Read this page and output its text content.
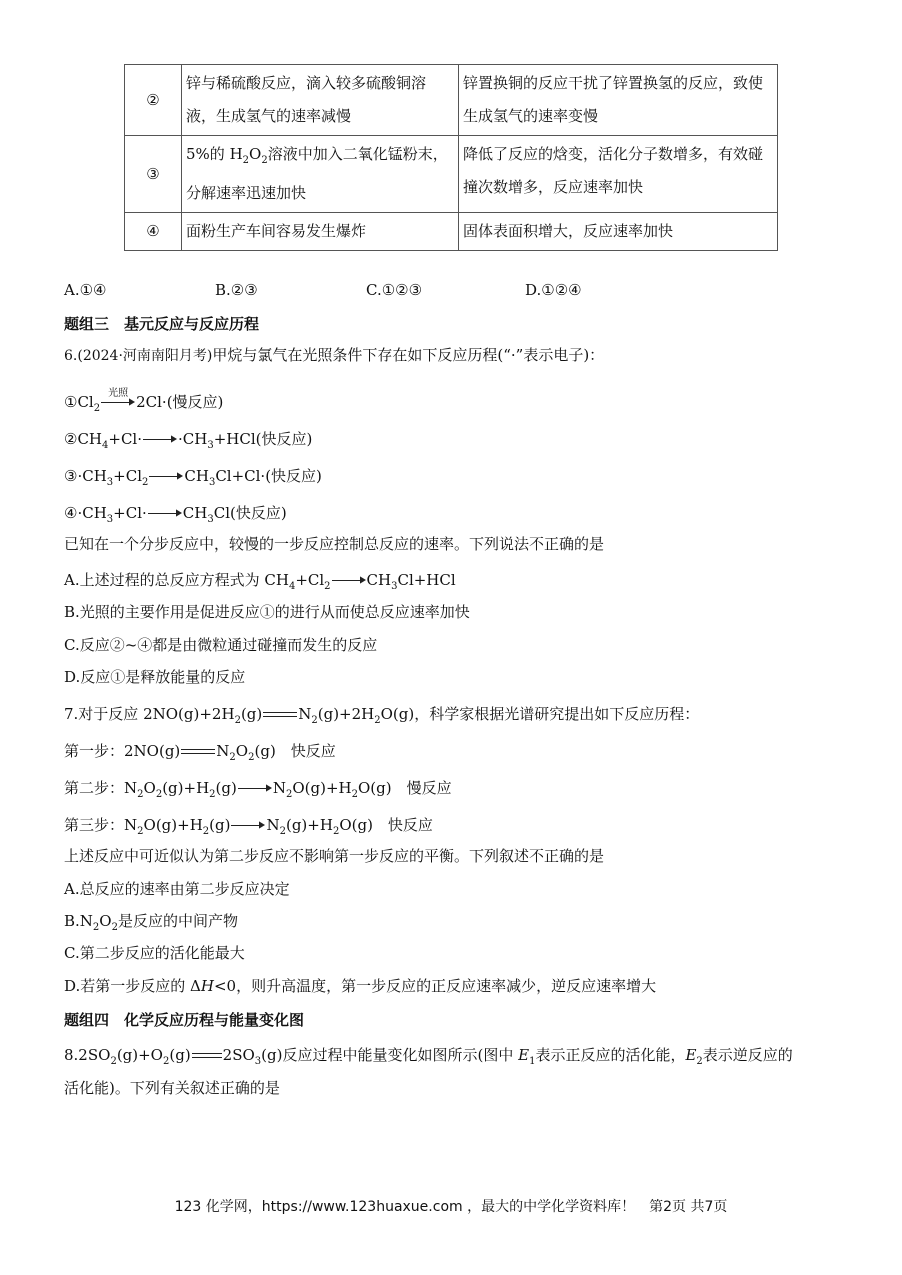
②	锌与稀硫酸反应，滴入较多硫酸铜溶液，生成氢气的速率减慢	锌置换铜的反应干扰了锌置换氢的反应，致使生成氢气的速率变慢
③	5%的 $H_2O_2$溶液中加入二氧化锰粉末，分解速率迅速加快	降低了反应的焓变，活化分子数增多，有效碰撞次数增多，反应速率加快
④	面粉生产车间容易发生爆炸	固体表面积增大，反应速率加快
A.①④	B.②③	C.①②③	D.①②④
题组三　基元反应与反应历程
6.(2024·河南南阳月考)甲烷与氯气在光照条件下存在如下反应历程(“·”表示电子)：
$①Cl_2$
光照 2Cl·(慢反应)
$②CH_4+Cl\cdot \cdot CH_3+HCl$(快反应)
$③\cdot CH_3+Cl_2$ $CH_3Cl+Cl\cdot$(快反应)
$④\cdot CH_3+Cl\cdot CH_3Cl$(快反应)
已知在一个分步反应中，较慢的一步反应控制总反应的速率。下列说法不正确的是
A.上述过程的总反应方程式为 $CH_4+Cl_2$ $CH_3Cl+HCl$
B.光照的主要作用是促进反应①的进行从而使总反应速率加快
C.反应②~④都是由微粒通过碰撞而发生的反应
D.反应①是释放能量的反应
7.对于反应 $2NO(g)+2H_2(g)$ $N_2(g)+2H_2O(g)$，科学家根据光谱研究提出如下反应历程：
第一步：2NO(g) $N_2O_2(g)$　快反应
第二步：$N_2O_2(g)+H_2(g)$ $N_2O(g)+H_2O(g)$　慢反应
第三步：$N_2O(g)+H_2(g)$ $N_2(g)+H_2O(g)$　快反应
上述反应中可近似认为第二步反应不影响第一步反应的平衡。下列叙述不正确的是
A.总反应的速率由第二步反应决定
$B.N_2O_2$是反应的中间产物
C.第二步反应的活化能最大
D.若第一步反应的 ΔH<0，则升高温度，第一步反应的正反应速率减少，逆反应速率增大
题组四　化学反应历程与能量变化图
$8.2SO_2(g)+O_2(g)$ $2SO_3(g)$反应过程中能量变化如图所示(图中 $E_1$表示正反应的活化能，$E_2$表示逆反应的
活化能)。下列有关叙述正确的是
123 化学网，https://www.123huaxue.com ，最大的中学化学资料库！　第2页 共7页
